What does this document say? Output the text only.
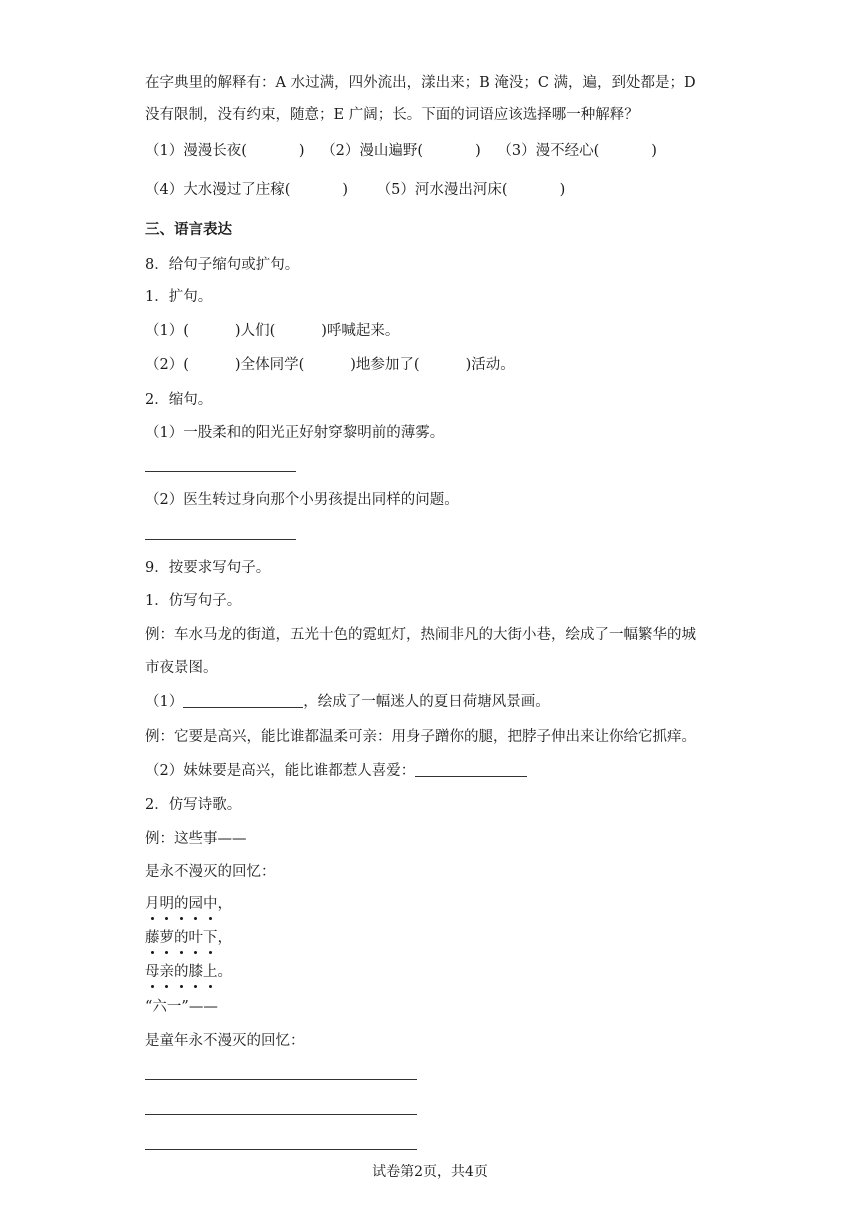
在字典里的解释有：A 水过满，四外流出，漾出来；B 淹没；C 满，遍，到处都是；D
没有限制，没有约束，随意；E 广阔；长。下面的词语应该选择哪一种解释？
（1）漫漫长夜(	) （2）漫山遍野(	) （3）漫不经心(	)
（4）大水漫过了庄稼(	) （5）河水漫出河床(	)
三、语言表达
8．给句子缩句或扩句。
1．扩句。
（1）(	)人们(	)呼喊起来。
（2）(	)全体同学(	)地参加了(	)活动。
2．缩句。
（1）一股柔和的阳光正好射穿黎明前的薄雾。
（2）医生转过身向那个小男孩提出同样的问题。
9．按要求写句子。
1．仿写句子。
例：车水马龙的街道，五光十色的霓虹灯，热闹非凡的大街小巷，绘成了一幅繁华的城
市夜景图。
（1）	，绘成了一幅迷人的夏日荷塘风景画。
例：它要是高兴，能比谁都温柔可亲：用身子蹭你的腿，把脖子伸出来让你给它抓痒。
（2）妹妹要是高兴，能比谁都惹人喜爱：
2．仿写诗歌。
例：这些事——
是永不漫灭的回忆：
月明的园中，
藤萝的叶下，
母亲的膝上。
“六一”——
是童年永不漫灭的回忆：
试卷第2页，共4页
